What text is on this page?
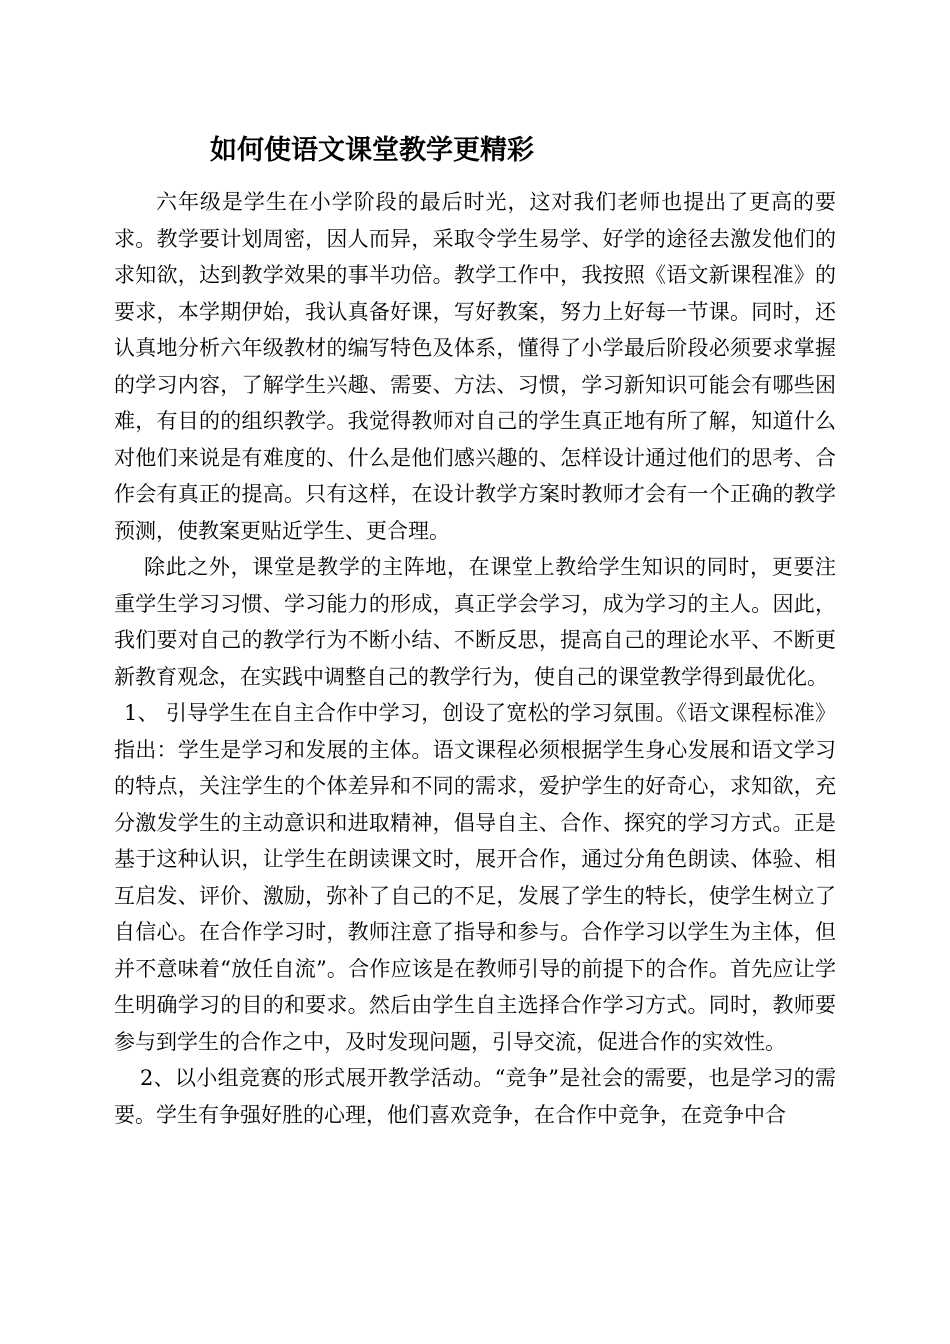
如何使语文课堂教学更精彩

六年级是学生在小学阶段的最后时光，这对我们老师也提出了更高的要求。教学要计划周密，因人而异，采取令学生易学、好学的途径去激发他们的求知欲，达到教学效果的事半功倍。教学工作中，我按照《语文新课程准》的要求，本学期伊始，我认真备好课，写好教案，努力上好每一节课。同时，还认真地分析六年级教材的编写特色及体系，懂得了小学最后阶段必须要求掌握的学习内容，了解学生兴趣、需要、方法、习惯，学习新知识可能会有哪些困难，有目的的组织教学。我觉得教师对自己的学生真正地有所了解，知道什么对他们来说是有难度的、什么是他们感兴趣的、怎样设计通过他们的思考、合作会有真正的提高。只有这样，在设计教学方案时教师才会有一个正确的教学预测，使教案更贴近学生、更合理。

除此之外，课堂是教学的主阵地，在课堂上教给学生知识的同时，更要注重学生学习习惯、学习能力的形成，真正学会学习，成为学习的主人。因此，我们要对自己的教学行为不断小结、不断反思，提高自己的理论水平、不断更新教育观念，在实践中调整自己的教学行为，使自己的课堂教学得到最优化。

1、 引导学生在自主合作中学习，创设了宽松的学习氛围。《语文课程标准》指出：学生是学习和发展的主体。语文课程必须根据学生身心发展和语文学习的特点，关注学生的个体差异和不同的需求，爱护学生的好奇心，求知欲，充分激发学生的主动意识和进取精神，倡导自主、合作、探究的学习方式。正是基于这种认识，让学生在朗读课文时，展开合作，通过分角色朗读、体验、相互启发、评价、激励，弥补了自己的不足，发展了学生的特长，使学生树立了自信心。在合作学习时，教师注意了指导和参与。合作学习以学生为主体，但并不意味着“放任自流”。合作应该是在教师引导的前提下的合作。首先应让学生明确学习的目的和要求。然后由学生自主选择合作学习方式。同时，教师要参与到学生的合作之中，及时发现问题，引导交流，促进合作的实效性。

2、以小组竞赛的形式展开教学活动。“竞争”是社会的需要，也是学习的需要。学生有争强好胜的心理，他们喜欢竞争，在合作中竞争，在竞争中合
